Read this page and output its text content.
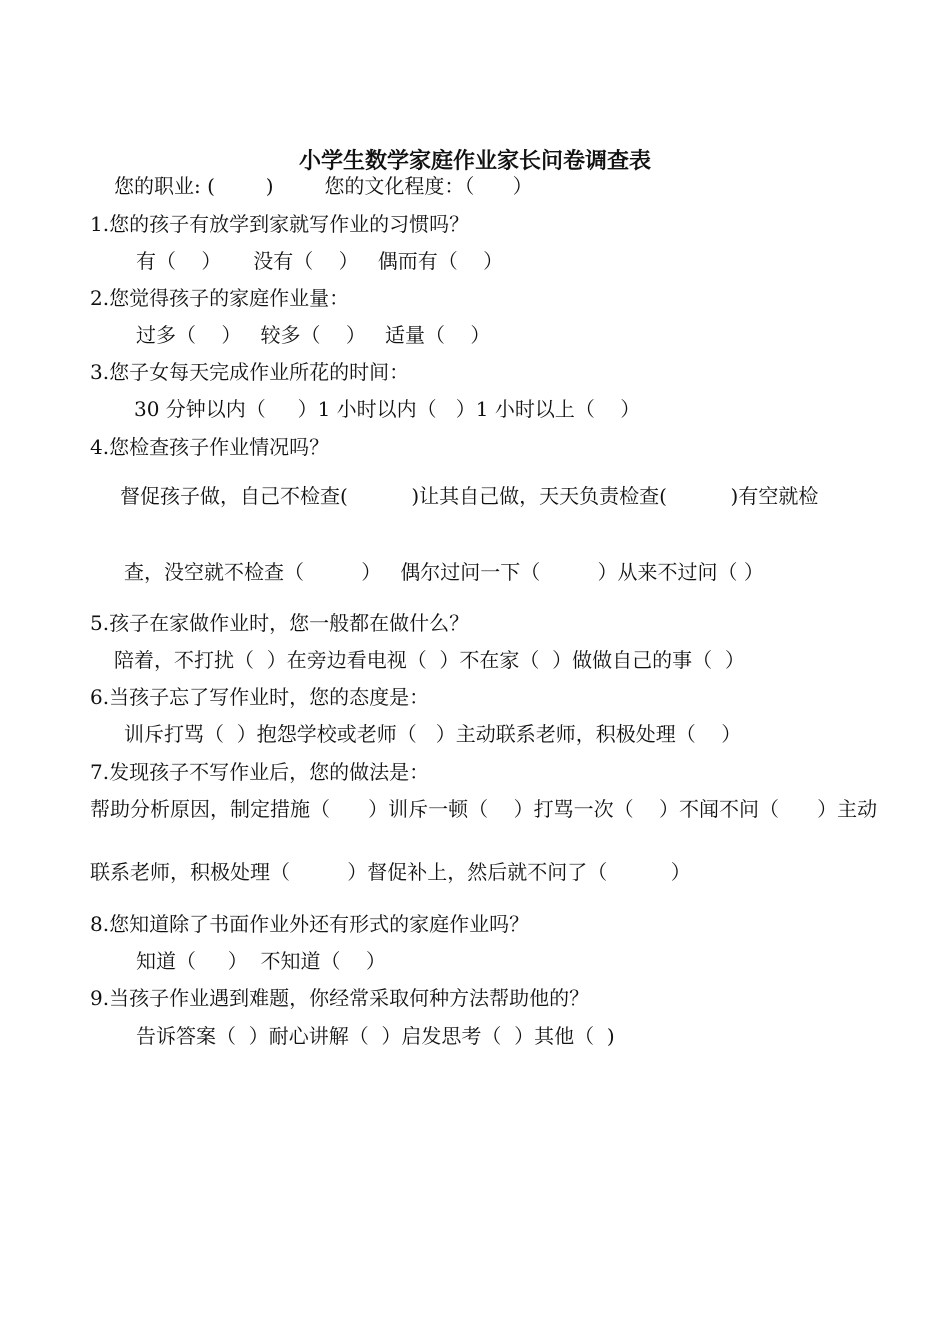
小学生数学家庭作业家长问卷调查表
您的职业: (        )        您的文化程度：（      ）
1.您的孩子有放学到家就写作业的习惯吗？
有（    ）     没有（    ）   偶而有（    ）
2.您觉得孩子的家庭作业量：
过多（    ）   较多（    ）   适量（    ）
3.您子女每天完成作业所花的时间：
30 分钟以内（     ）1 小时以内（   ）1 小时以上（    ）
4.您检查孩子作业情况吗？
督促孩子做，自己不检查(          )让其自己做，天天负责检查(          )有空就检
查，没空就不检查（         ）   偶尔过问一下（         ）从来不过问（ ）
5.孩子在家做作业时，您一般都在做什么？
陪着，不打扰（  ）在旁边看电视（  ）不在家（  ）做做自己的事（  ）
6.当孩子忘了写作业时，您的态度是：
训斥打骂（  ）抱怨学校或老师（   ）主动联系老师，积极处理（    ）
7.发现孩子不写作业后，您的做法是：
帮助分析原因，制定措施（      ）训斥一顿（    ）打骂一次（    ）不闻不问（      ）主动
联系老师，积极处理（         ）督促补上，然后就不问了（          ）
8.您知道除了书面作业外还有形式的家庭作业吗？
知道（     ）  不知道（    ）
9.当孩子作业遇到难题，你经常采取何种方法帮助他的？
告诉答案（  ）耐心讲解（  ）启发思考（  ）其他（  )
